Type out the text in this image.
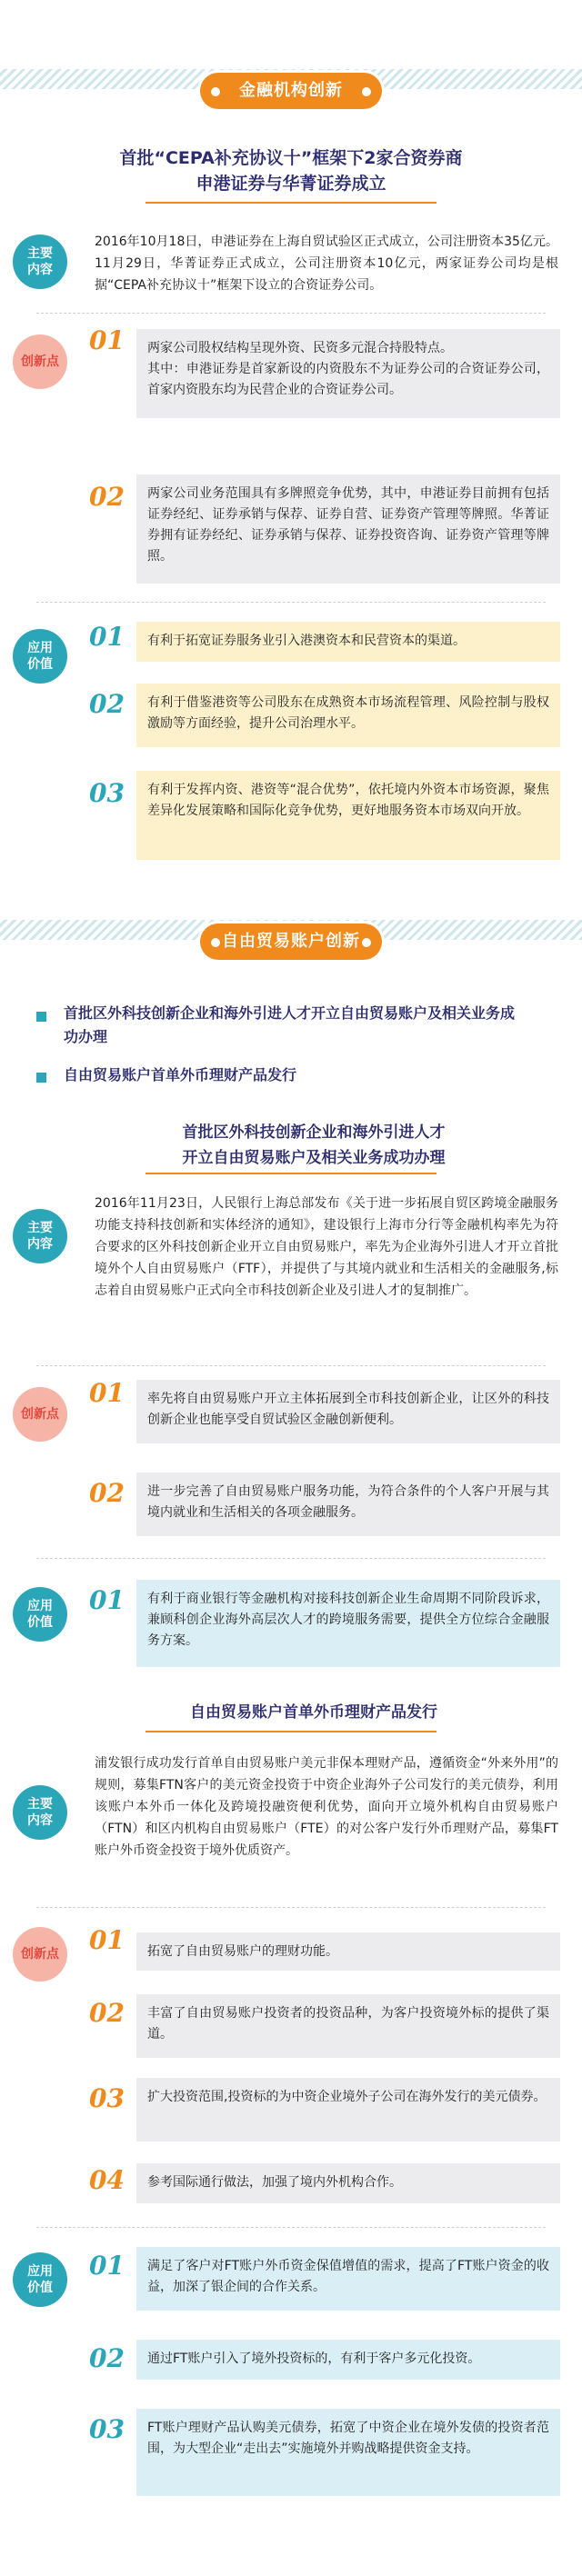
金融机构创新
首批“CEPA补充协议十”框架下2家合资券商
申港证券与华菁证券成立
主要
内容
2016年10月18日，申港证券在上海自贸试验区正式成立，公司注册资本35亿元。11月29日，华菁证券正式成立，公司注册资本10亿元，两家证券公司均是根据“CEPA补充协议十”框架下设立的合资证券公司。
创新点
01	两家公司股权结构呈现外资、民资多元混合持股特点。
其中：申港证券是首家新设的内资股东不为证券公司的合资证券公司，首家内资股东均为民营企业的合资证券公司。
02	两家公司业务范围具有多牌照竞争优势，其中，申港证券目前拥有包括证券经纪、证券承销与保荐、证券自营、证券资产管理等牌照。华菁证券拥有证券经纪、证券承销与保荐、证券投资咨询、证券资产管理等牌照。
应用
价值
01	有利于拓宽证券服务业引入港澳资本和民营资本的渠道。
02	有利于借鉴港资等公司股东在成熟资本市场流程管理、风险控制与股权激励等方面经验，提升公司治理水平。
03	有利于发挥内资、港资等“混合优势”，依托境内外资本市场资源，聚焦差异化发展策略和国际化竞争优势，更好地服务资本市场双向开放。
自由贸易账户创新
首批区外科技创新企业和海外引进人才开立自由贸易账户及相关业务成功办理
自由贸易账户首单外币理财产品发行
首批区外科技创新企业和海外引进人才
开立自由贸易账户及相关业务成功办理
主要
内容
2016年11月23日，人民银行上海总部发布《关于进一步拓展自贸区跨境金融服务功能支持科技创新和实体经济的通知》，建设银行上海市分行等金融机构率先为符合要求的区外科技创新企业开立自由贸易账户，率先为企业海外引进人才开立首批境外个人自由贸易账户（FTF），并提供了与其境内就业和生活相关的金融服务,标志着自由贸易账户正式向全市科技创新企业及引进人才的复制推广。
创新点
01	率先将自由贸易账户开立主体拓展到全市科技创新企业，让区外的科技创新企业也能享受自贸试验区金融创新便利。
02	进一步完善了自由贸易账户服务功能，为符合条件的个人客户开展与其境内就业和生活相关的各项金融服务。
应用
价值
01	有利于商业银行等金融机构对接科技创新企业生命周期不同阶段诉求，兼顾科创企业海外高层次人才的跨境服务需要，提供全方位综合金融服务方案。
自由贸易账户首单外币理财产品发行
主要
内容
浦发银行成功发行首单自由贸易账户美元非保本理财产品，遵循资金“外来外用”的规则，募集FTN客户的美元资金投资于中资企业海外子公司发行的美元债券，利用该账户本外币一体化及跨境投融资便利优势，面向开立境外机构自由贸易账户（FTN）和区内机构自由贸易账户（FTE）的对公客户发行外币理财产品，募集FT账户外币资金投资于境外优质资产。
创新点	01	拓宽了自由贸易账户的理财功能。
02	丰富了自由贸易账户投资者的投资品种，为客户投资境外标的提供了渠道。
03	扩大投资范围,投资标的为中资企业境外子公司在海外发行的美元债券。
04	参考国际通行做法，加强了境内外机构合作。
应用
价值
01	满足了客户对FT账户外币资金保值增值的需求，提高了FT账户资金的收益，加深了银企间的合作关系。
02	通过FT账户引入了境外投资标的，有利于客户多元化投资。
03	FT账户理财产品认购美元债券，拓宽了中资企业在境外发债的投资者范围，为大型企业“走出去”实施境外并购战略提供资金支持。
